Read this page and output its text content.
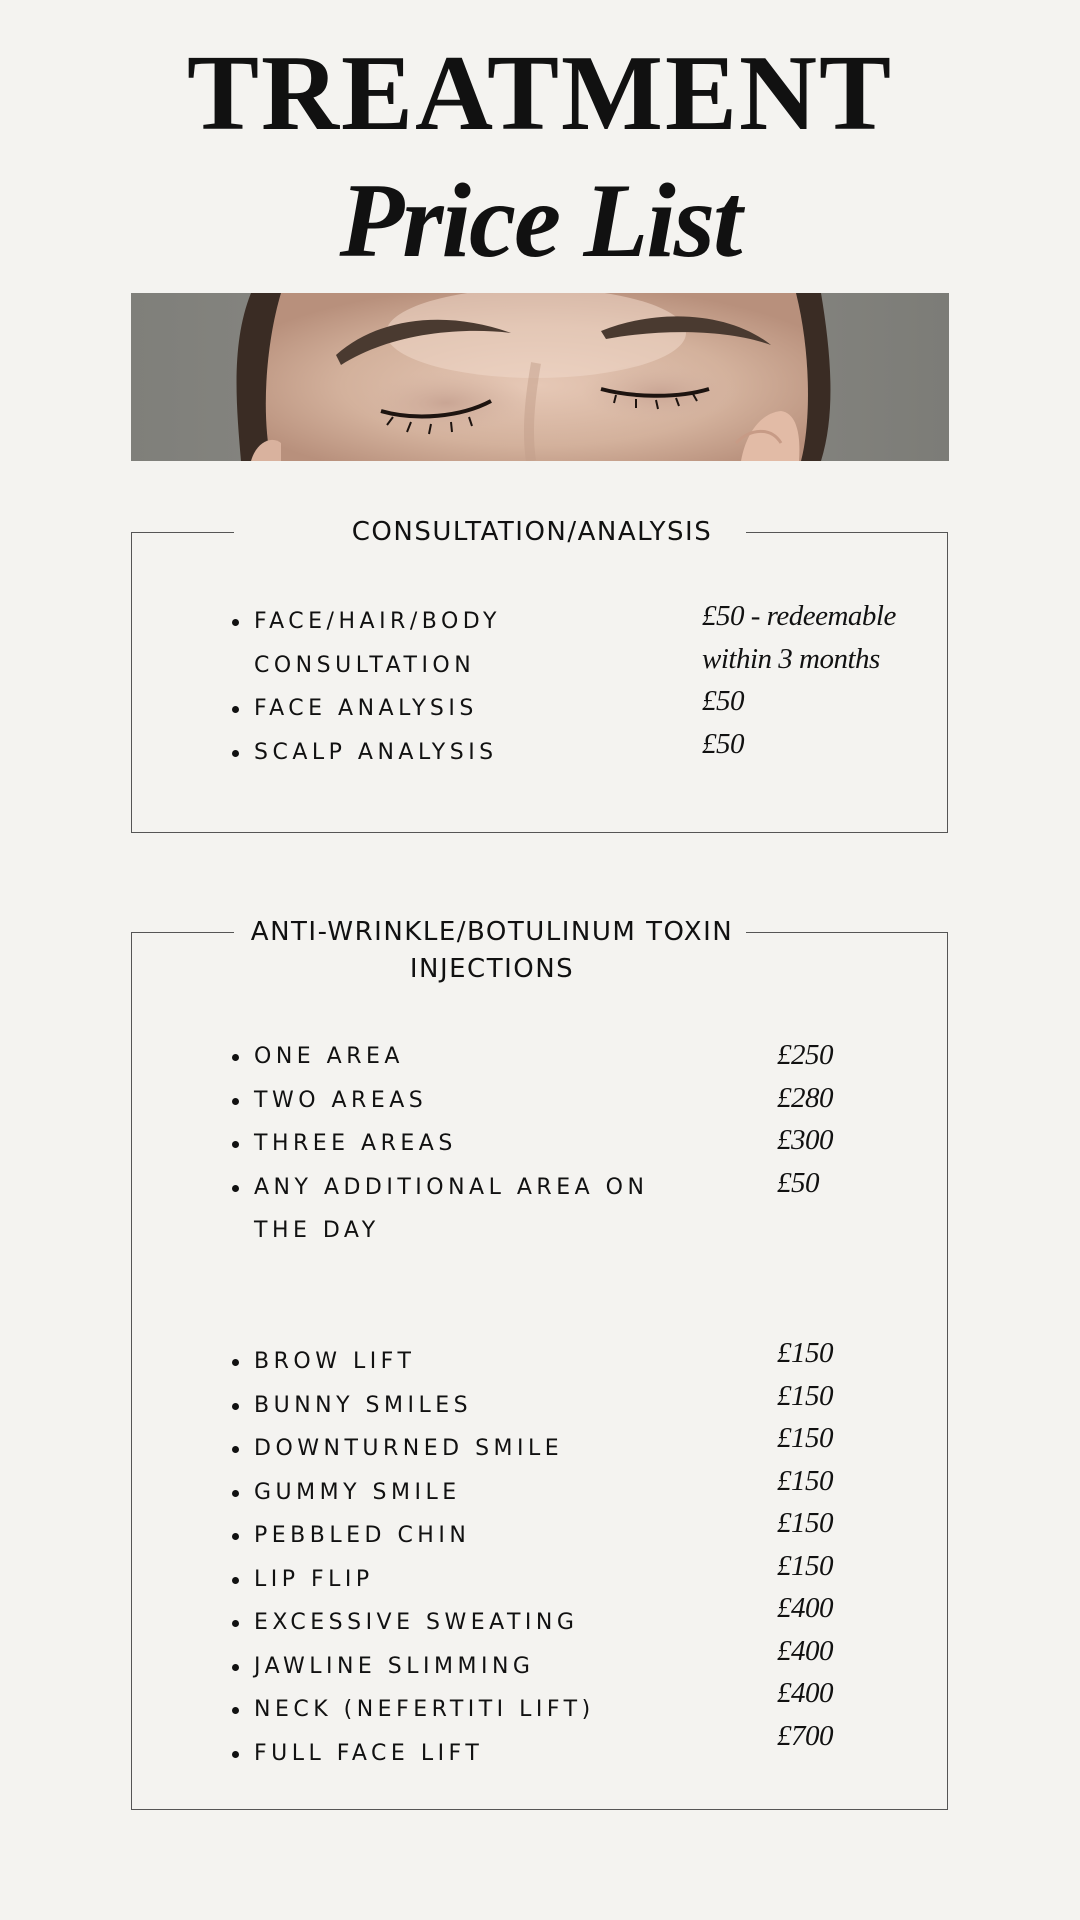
TREATMENT
Price List
CONSULTATION/ANALYSIS
FACE/HAIR/BODY
CONSULTATION
FACE ANALYSIS
SCALP ANALYSIS
£50 - redeemable
within 3 months
£50
£50
ANTI-WRINKLE/BOTULINUM TOXIN
INJECTIONS
ONE AREA
TWO AREAS
THREE AREAS
ANY ADDITIONAL AREA ON
THE DAY
£250
£280
£300
£50
BROW LIFT
BUNNY SMILES
DOWNTURNED SMILE
GUMMY SMILE
PEBBLED CHIN
LIP FLIP
EXCESSIVE SWEATING
JAWLINE SLIMMING
NECK (NEFERTITI LIFT)
FULL FACE LIFT
£150
£150
£150
£150
£150
£150
£400
£400
£400
£700
